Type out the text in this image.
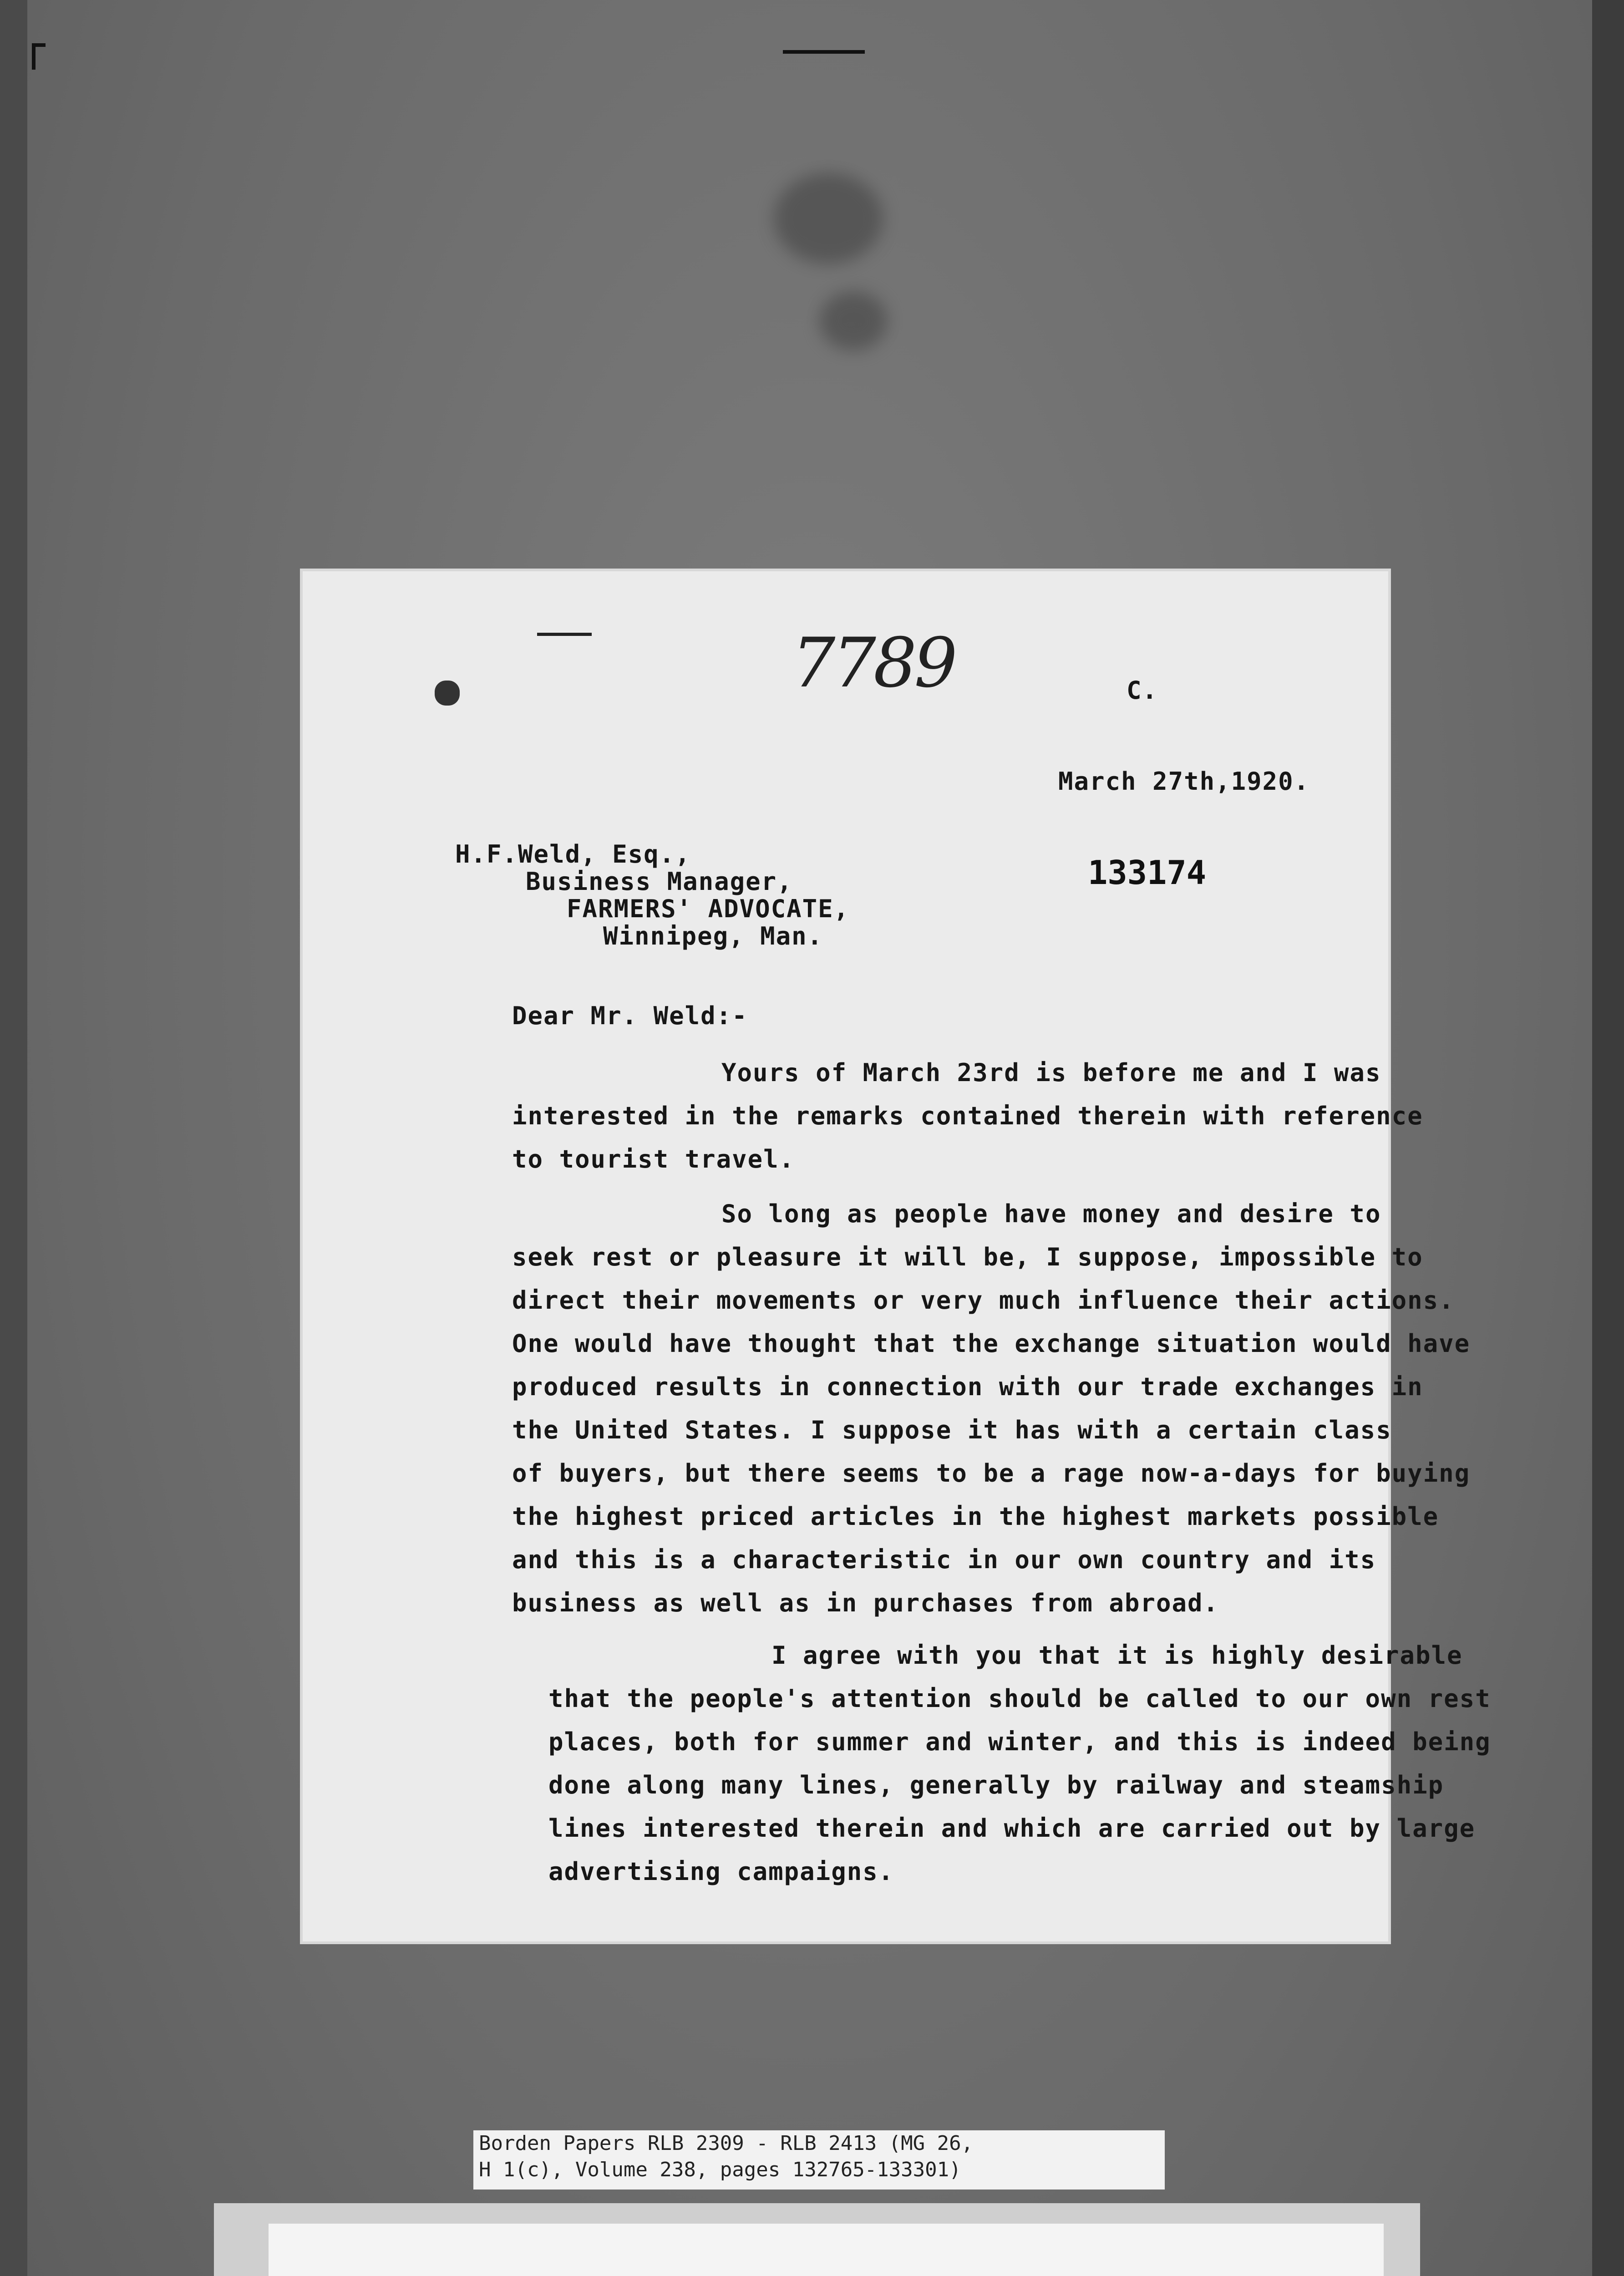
7789	C.
March 27th,1920.
133174
H.F.Weld, Esq.,
Business Manager,
FARMERS' ADVOCATE,
Winnipeg, Man.
Dear Mr. Weld:-
Yours of March 23rd is before me and I was
interested in the remarks contained therein with reference
to tourist travel.
So long as people have money and desire to
seek rest or pleasure it will be, I suppose, impossible to
direct their movements or very much influence their actions.
One would have thought that the exchange situation would have
produced results in connection with our trade exchanges in
the United States. I suppose it has with a certain class
of buyers, but there seems to be a rage now-a-days for buying
the highest priced articles in the highest markets possible
and this is a characteristic in our own country and its
business as well as in purchases from abroad.
I agree with you that it is highly desirable
that the people's attention should be called to our own rest
places, both for summer and winter, and this is indeed being
done along many lines, generally by railway and steamship
lines interested therein and which are carried out by large
advertising campaigns.
Borden Papers RLB 2309 - RLB 2413 (MG 26,
H 1(c), Volume 238, pages 132765-133301)
